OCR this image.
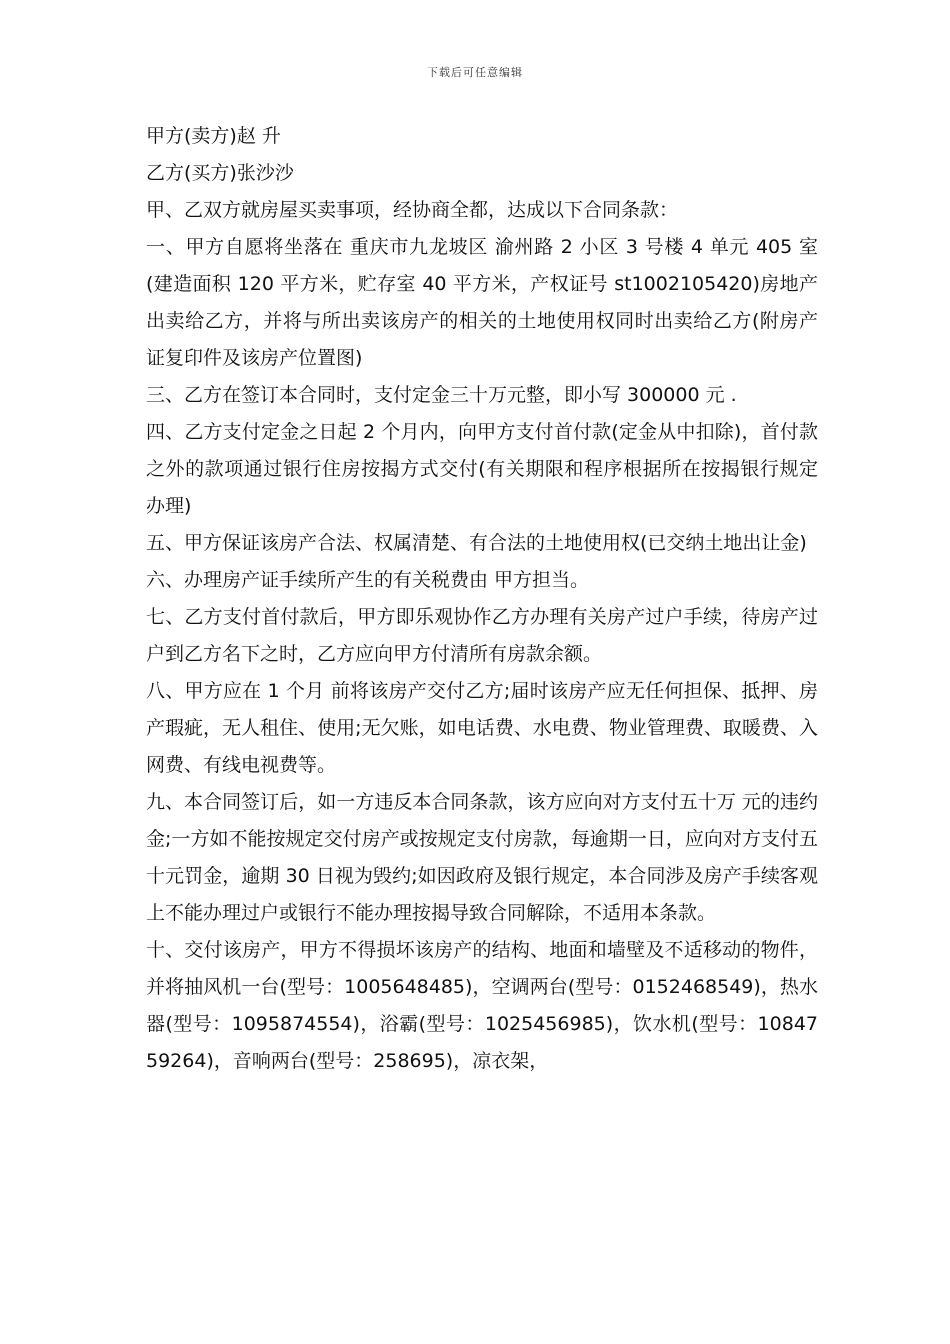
下载后可任意编辑

甲方(卖方)赵 升

乙方(买方)张沙沙

甲、乙双方就房屋买卖事项，经协商全都，达成以下合同条款：

一、甲方自愿将坐落在 重庆市九龙坡区 渝州路 2 小区 3 号楼 4 单元 405 室(建造面积 120 平方米，贮存室 40 平方米，产权证号 st1002105420)房地产出卖给乙方，并将与所出卖该房产的相关的土地使用权同时出卖给乙方(附房产证复印件及该房产位置图)

三、乙方在签订本合同时，支付定金三十万元整，即小写 300000 元 .

四、乙方支付定金之日起 2 个月内，向甲方支付首付款(定金从中扣除)，首付款之外的款项通过银行住房按揭方式交付(有关期限和程序根据所在按揭银行规定办理)

五、甲方保证该房产合法、权属清楚、有合法的土地使用权(已交纳土地出让金)

六、办理房产证手续所产生的有关税费由 甲方担当。

七、乙方支付首付款后，甲方即乐观协作乙方办理有关房产过户手续，待房产过户到乙方名下之时，乙方应向甲方付清所有房款余额。

八、甲方应在 1 个月 前将该房产交付乙方;届时该房产应无任何担保、抵押、房产瑕疵，无人租住、使用;无欠账，如电话费、水电费、物业管理费、取暖费、入网费、有线电视费等。

九、本合同签订后，如一方违反本合同条款，该方应向对方支付五十万 元的违约金;一方如不能按规定交付房产或按规定支付房款，每逾期一日，应向对方支付五十元罚金，逾期 30 日视为毁约;如因政府及银行规定，本合同涉及房产手续客观上不能办理过户或银行不能办理按揭导致合同解除，不适用本条款。

十、交付该房产，甲方不得损坏该房产的结构、地面和墙壁及不适移动的物件，并将抽风机一台(型号：1005648485)，空调两台(型号：0152468549)，热水器(型号：1095874554)，浴霸(型号：1025456985)，饮水机(型号：1084759264)，音响两台(型号：258695)，凉衣架，
